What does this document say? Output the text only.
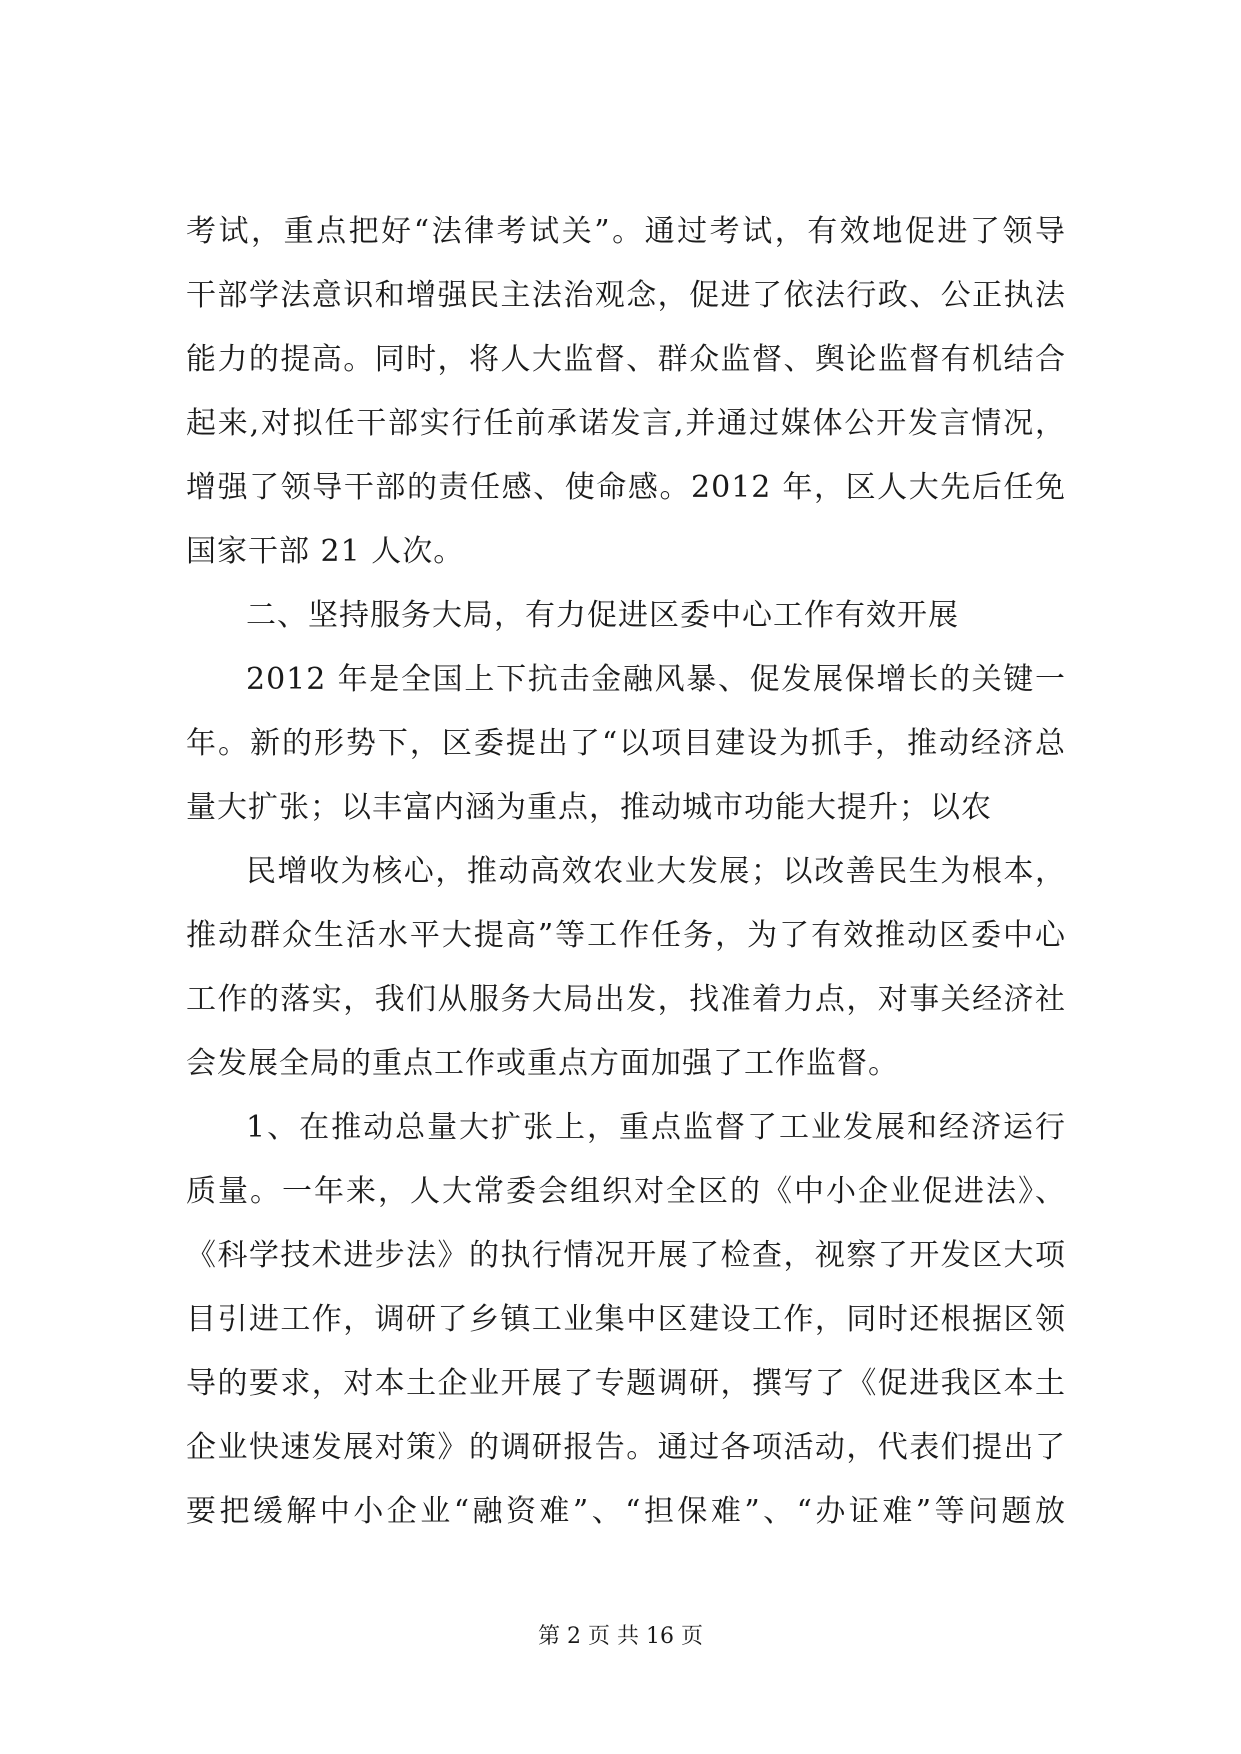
考试，重点把好“法律考试关”。通过考试，有效地促进了领导
干部学法意识和增强民主法治观念，促进了依法行政、公正执法
能力的提高。同时，将人大监督、群众监督、舆论监督有机结合
起来,对拟任干部实行任前承诺发言,并通过媒体公开发言情况，
增强了领导干部的责任感、使命感。2012 年，区人大先后任免
国家干部 21 人次。
二、坚持服务大局，有力促进区委中心工作有效开展
2012 年是全国上下抗击金融风暴、促发展保增长的关键一
年。新的形势下，区委提出了“以项目建设为抓手，推动经济总
量大扩张；以丰富内涵为重点，推动城市功能大提升；以农
民增收为核心，推动高效农业大发展；以改善民生为根本，
推动群众生活水平大提高”等工作任务，为了有效推动区委中心
工作的落实，我们从服务大局出发，找准着力点，对事关经济社
会发展全局的重点工作或重点方面加强了工作监督。
1、在推动总量大扩张上，重点监督了工业发展和经济运行
质量。一年来，人大常委会组织对全区的《中小企业促进法》、
《科学技术进步法》的执行情况开展了检查，视察了开发区大项
目引进工作，调研了乡镇工业集中区建设工作，同时还根据区领
导的要求，对本土企业开展了专题调研，撰写了《促进我区本土
企业快速发展对策》的调研报告。通过各项活动，代表们提出了
要把缓解中小企业“融资难”、“担保难”、“办证难”等问题放
第 2 页 共 16 页
